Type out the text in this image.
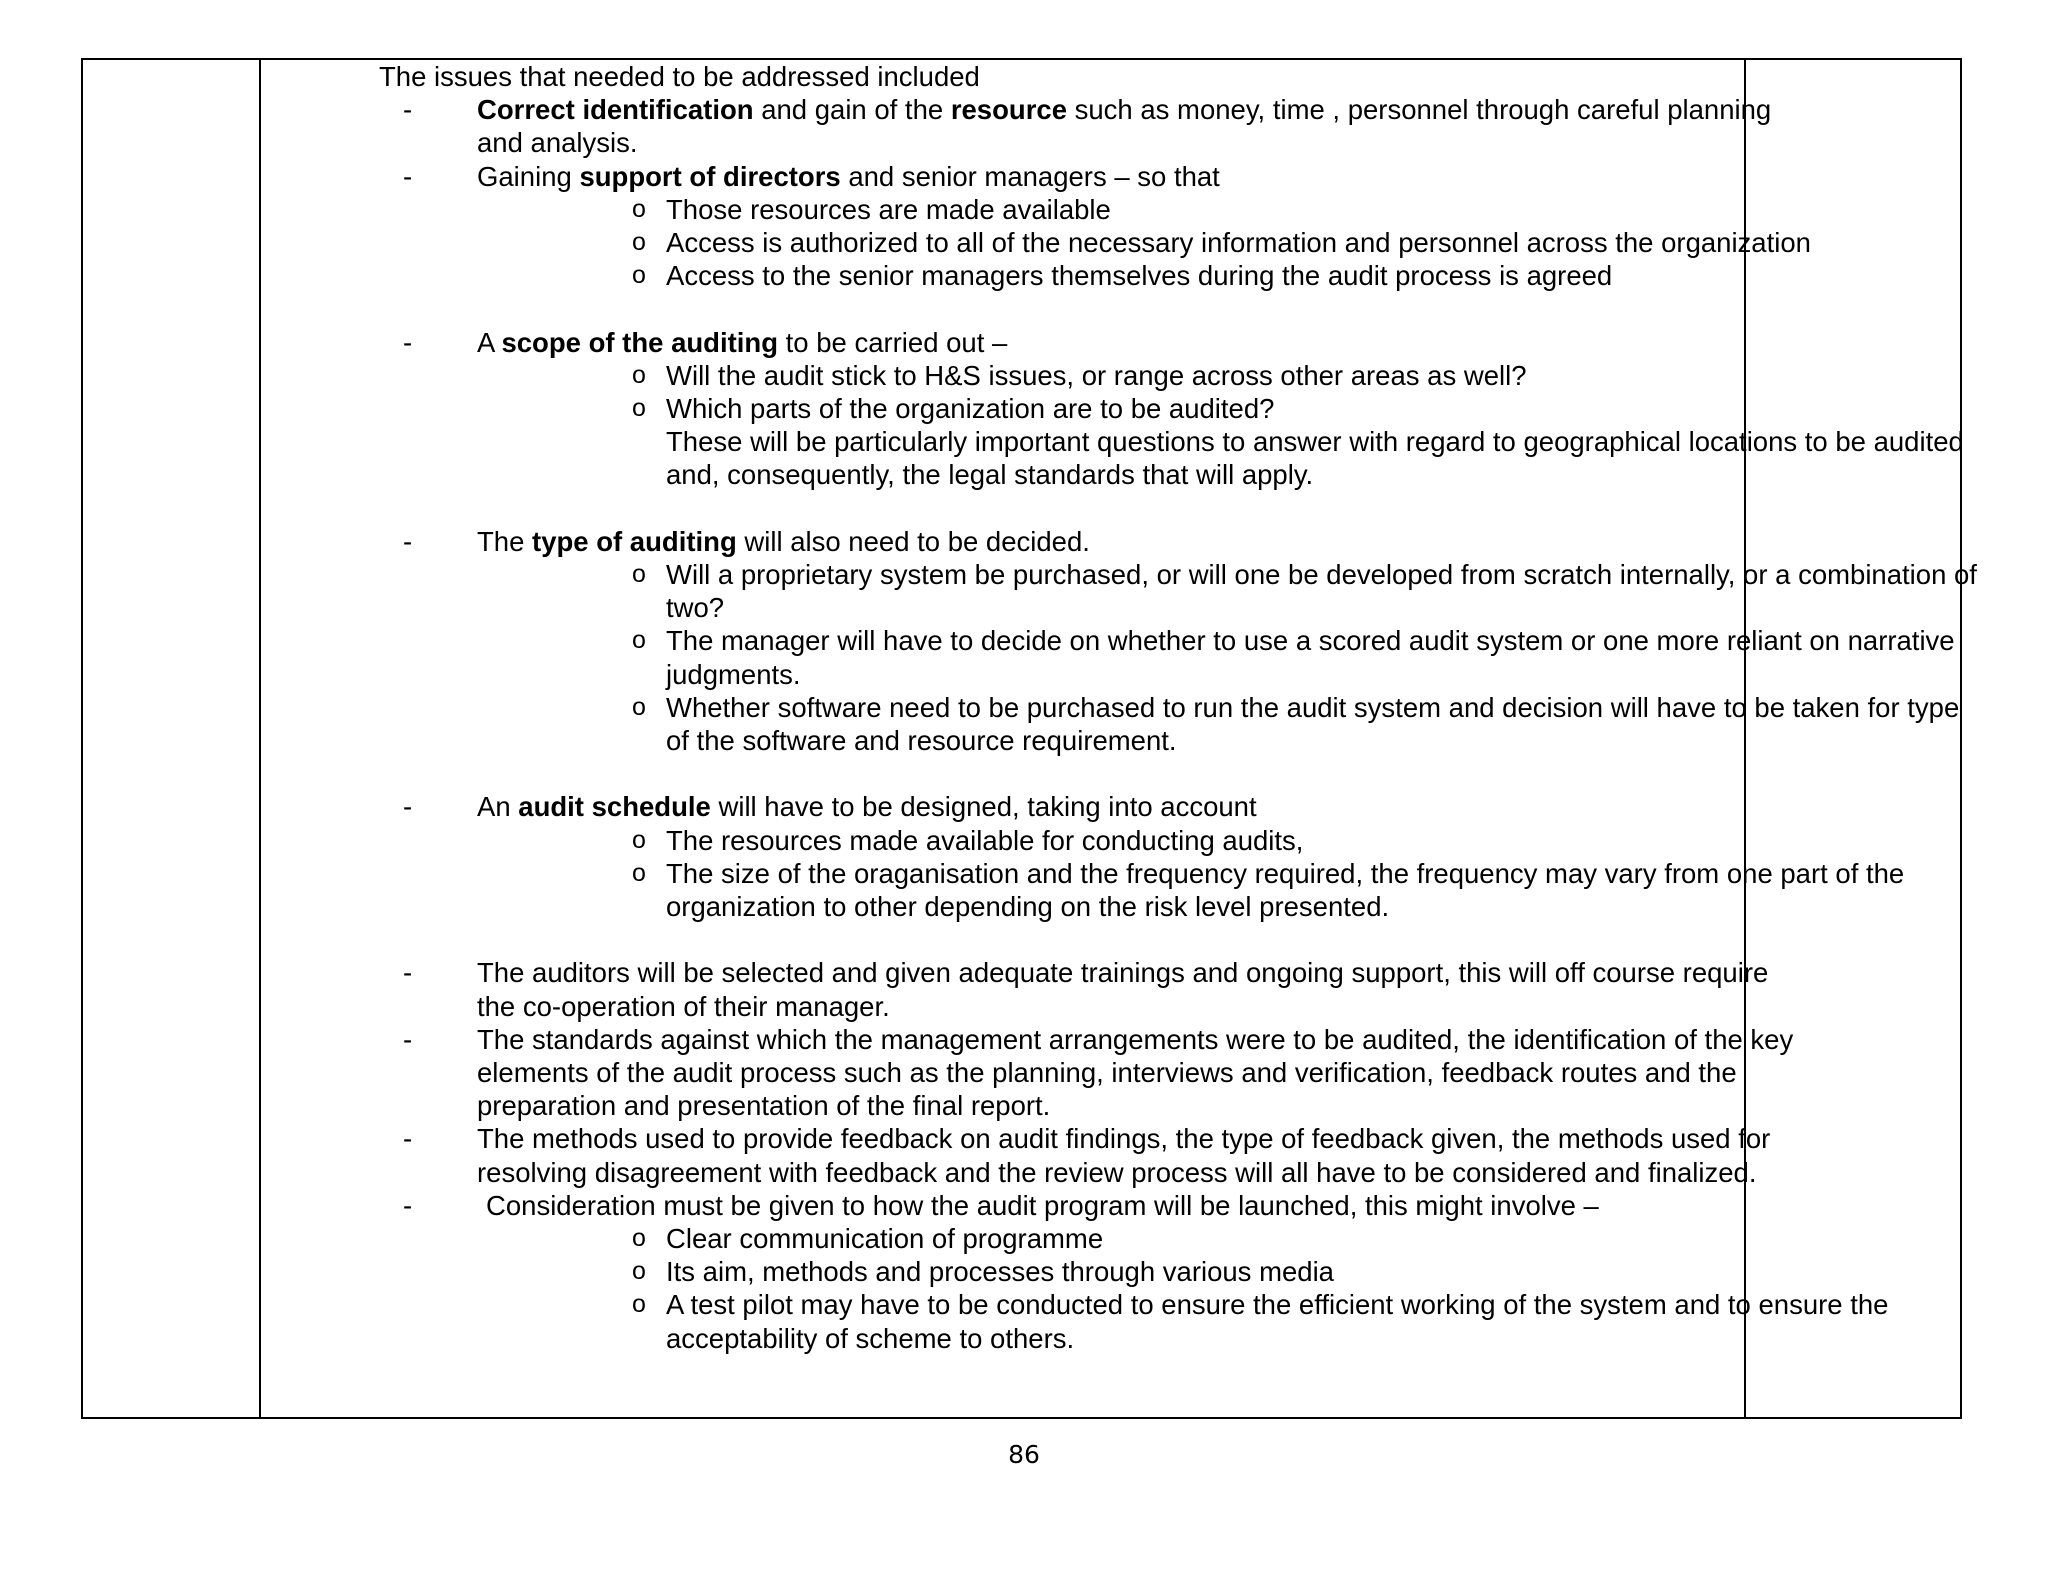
The issues that needed to be addressed included
-	Correct identification and gain of the resource such as money, time , personnel through careful planning and analysis.
-	Gaining support of directors and senior managers – so that
o Those resources are made available
o Access is authorized to all of the necessary information and personnel across the organization
o Access to the senior managers themselves during the audit process is agreed
-	A scope of the auditing to be carried out –
o Will the audit stick to H&S issues, or range across other areas as well?
o Which parts of the organization are to be audited?
These will be particularly important questions to answer with regard to geographical locations to be audited and, consequently, the legal standards that will apply.
-	The type of auditing will also need to be decided.
o Will a proprietary system be purchased, or will one be developed from scratch internally, or a combination of two?
o The manager will have to decide on whether to use a scored audit system or one more reliant on narrative judgments.
o Whether software need to be purchased to run the audit system and decision will have to be taken for type of the software and resource requirement.
-	An audit schedule will have to be designed, taking into account
o The resources made available for conducting audits,
o The size of the oraganisation and the frequency required, the frequency may vary from one part of the organization to other depending on the risk level presented.
-	The auditors will be selected and given adequate trainings and ongoing support, this will off course require the co-operation of their manager.
-	The standards against which the management arrangements were to be audited, the identification of the key elements of the audit process such as the planning, interviews and verification, feedback routes and the preparation and presentation of the final report.
-	The methods used to provide feedback on audit findings, the type of feedback given, the methods used for resolving disagreement with feedback and the review process will all have to be considered and finalized.
-	Consideration must be given to how the audit program will be launched, this might involve –
o Clear communication of programme
o Its aim, methods and processes through various media
o A test pilot may have to be conducted to ensure the efficient working of the system and to ensure the acceptability of scheme to others.
86
